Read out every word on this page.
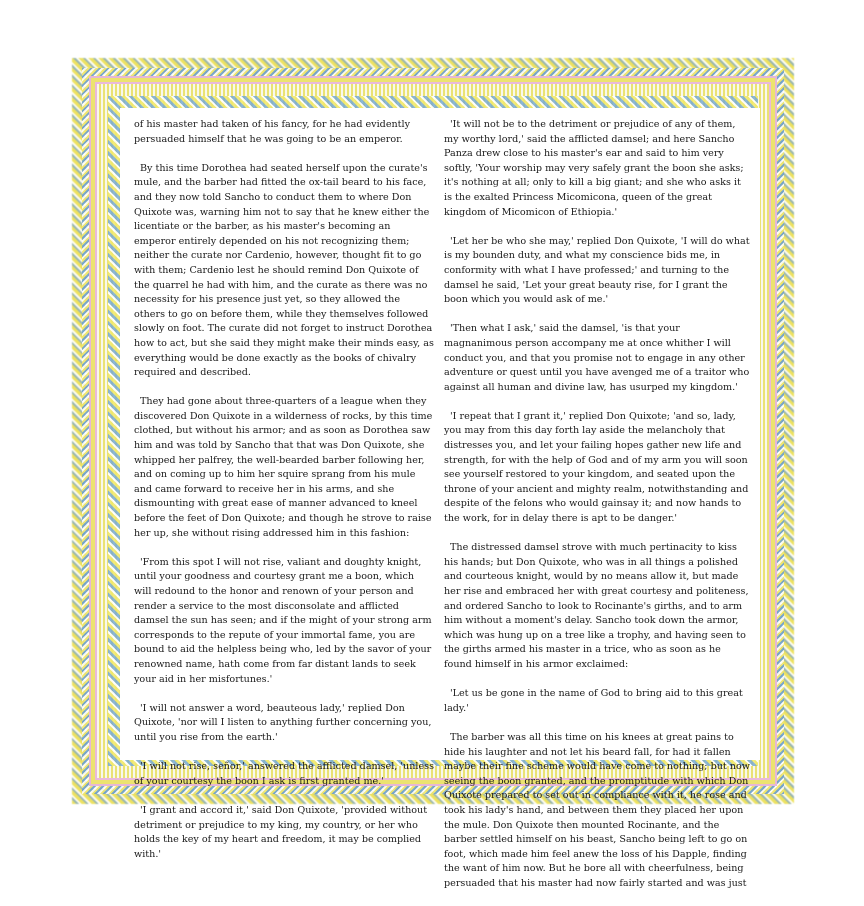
of his master had taken of his fancy, for he had evidently persuaded himself that he was going to be an emperor.

By this time Dorothea had seated herself upon the curate's mule, and the barber had fitted the ox-tail beard to his face, and they now told Sancho to conduct them to where Don Quixote was, warning him not to say that he knew either the licentiate or the barber, as his master's becoming an emperor entirely depended on his not recognizing them; neither the curate nor Cardenio, however, thought fit to go with them; Cardenio lest he should remind Don Quixote of the quarrel he had with him, and the curate as there was no necessity for his presence just yet, so they allowed the others to go on before them, while they themselves followed slowly on foot. The curate did not forget to instruct Dorothea how to act, but she said they might make their minds easy, as everything would be done exactly as the books of chivalry required and described.

They had gone about three-quarters of a league when they discovered Don Quixote in a wilderness of rocks, by this time clothed, but without his armor; and as soon as Dorothea saw him and was told by Sancho that that was Don Quixote, she whipped her palfrey, the well-bearded barber following her, and on coming up to him her squire sprang from his mule and came forward to receive her in his arms, and she dismounting with great ease of manner advanced to kneel before the feet of Don Quixote; and though he strove to raise her up, she without rising addressed him in this fashion:

'From this spot I will not rise, valiant and doughty knight, until your goodness and courtesy grant me a boon, which will redound to the honor and renown of your person and render a service to the most disconsolate and afflicted damsel the sun has seen; and if the might of your strong arm corresponds to the repute of your immortal fame, you are bound to aid the helpless being who, led by the savor of your renowned name, hath come from far distant lands to seek your aid in her misfortunes.'

'I will not answer a word, beauteous lady,' replied Don Quixote, 'nor will I listen to anything further concerning you, until you rise from the earth.'

'I will not rise, señor,' answered the afflicted damsel, 'unless of your courtesy the boon I ask is first granted me.'

'I grant and accord it,' said Don Quixote, 'provided without detriment or prejudice to my king, my country, or her who holds the key of my heart and freedom, it may be complied with.'

'It will not be to the detriment or prejudice of any of them, my worthy lord,' said the afflicted damsel; and here Sancho Panza drew close to his master's ear and said to him very softly, 'Your worship may very safely grant the boon she asks; it's nothing at all; only to kill a big giant; and she who asks it is the exalted Princess Micomicona, queen of the great kingdom of Micomicon of Ethiopia.'

'Let her be who she may,' replied Don Quixote, 'I will do what is my bounden duty, and what my conscience bids me, in conformity with what I have professed;' and turning to the damsel he said, 'Let your great beauty rise, for I grant the boon which you would ask of me.'

'Then what I ask,' said the damsel, 'is that your magnanimous person accompany me at once whither I will conduct you, and that you promise not to engage in any other adventure or quest until you have avenged me of a traitor who against all human and divine law, has usurped my kingdom.'

'I repeat that I grant it,' replied Don Quixote; 'and so, lady, you may from this day forth lay aside the melancholy that distresses you, and let your failing hopes gather new life and strength, for with the help of God and of my arm you will soon see yourself restored to your kingdom, and seated upon the throne of your ancient and mighty realm, notwithstanding and despite of the felons who would gainsay it; and now hands to the work, for in delay there is apt to be danger.'

The distressed damsel strove with much pertinacity to kiss his hands; but Don Quixote, who was in all things a polished and courteous knight, would by no means allow it, but made her rise and embraced her with great courtesy and politeness, and ordered Sancho to look to Rocinante's girths, and to arm him without a moment's delay. Sancho took down the armor, which was hung up on a tree like a trophy, and having seen to the girths armed his master in a trice, who as soon as he found himself in his armor exclaimed:

'Let us be gone in the name of God to bring aid to this great lady.'

The barber was all this time on his knees at great pains to hide his laughter and not let his beard fall, for had it fallen maybe their fine scheme would have come to nothing; but now seeing the boon granted, and the promptitude with which Don Quixote prepared to set out in compliance with it, he rose and took his lady's hand, and between them they placed her upon the mule. Don Quixote then mounted Rocinante, and the barber settled himself on his beast, Sancho being left to go on foot, which made him feel anew the loss of his Dapple, finding the want of him now. But he bore all with cheerfulness, being persuaded that his master had now fairly started and was just
